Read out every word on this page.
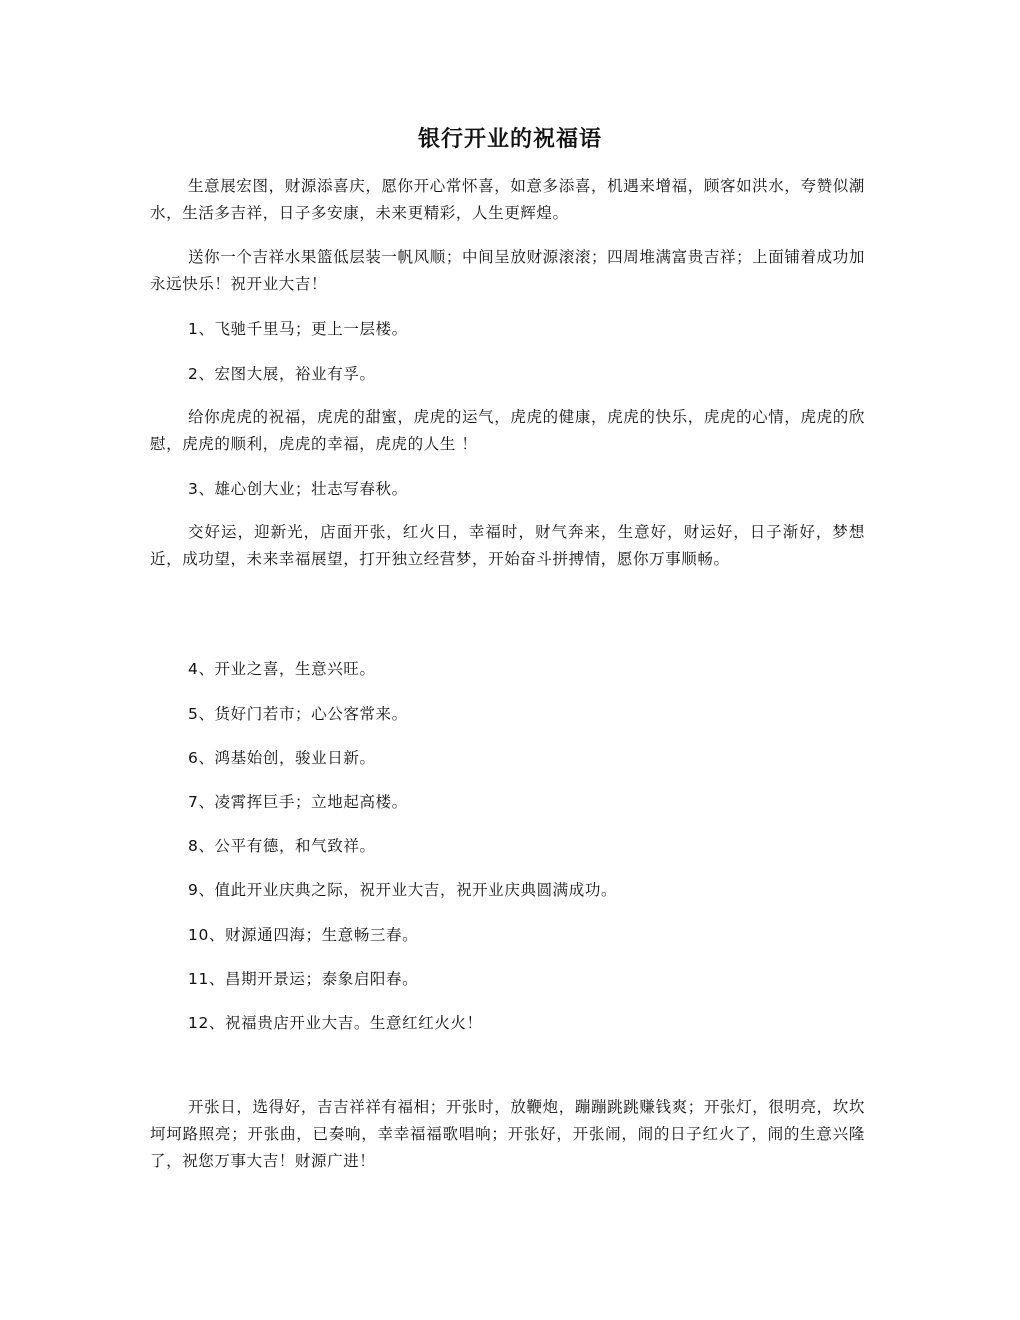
银行开业的祝福语

生意展宏图，财源添喜庆，愿你开心常怀喜，如意多添喜，机遇来增福，顾客如洪水，夸赞似潮水，生活多吉祥，日子多安康，未来更精彩，人生更辉煌。

送你一个吉祥水果篮低层装一帆风顺；中间呈放财源滚滚；四周堆满富贵吉祥；上面铺着成功加永远快乐！祝开业大吉！

1、飞驰千里马；更上一层楼。

2、宏图大展，裕业有孚。

给你虎虎的祝福，虎虎的甜蜜，虎虎的运气，虎虎的健康，虎虎的快乐，虎虎的心情，虎虎的欣慰，虎虎的顺利，虎虎的幸福，虎虎的人生 ！

3、雄心创大业；壮志写春秋。

交好运，迎新光，店面开张，红火日，幸福时，财气奔来，生意好，财运好，日子渐好，梦想近，成功望，未来幸福展望，打开独立经营梦，开始奋斗拼搏情，愿你万事顺畅。

4、开业之喜，生意兴旺。

5、货好门若市；心公客常来。

6、鸿基始创，骏业日新。

7、凌霄挥巨手；立地起高楼。

8、公平有德，和气致祥。

9、值此开业庆典之际，祝开业大吉，祝开业庆典圆满成功。

10、财源通四海；生意畅三春。

11、昌期开景运；泰象启阳春。

12、祝福贵店开业大吉。生意红红火火！

开张日，选得好，吉吉祥祥有福相；开张时，放鞭炮，蹦蹦跳跳赚钱爽；开张灯，很明亮，坎坎坷坷路照亮；开张曲，已奏响，幸幸福福歌唱响；开张好，开张闹，闹的日子红火了，闹的生意兴隆了，祝您万事大吉！财源广进！
